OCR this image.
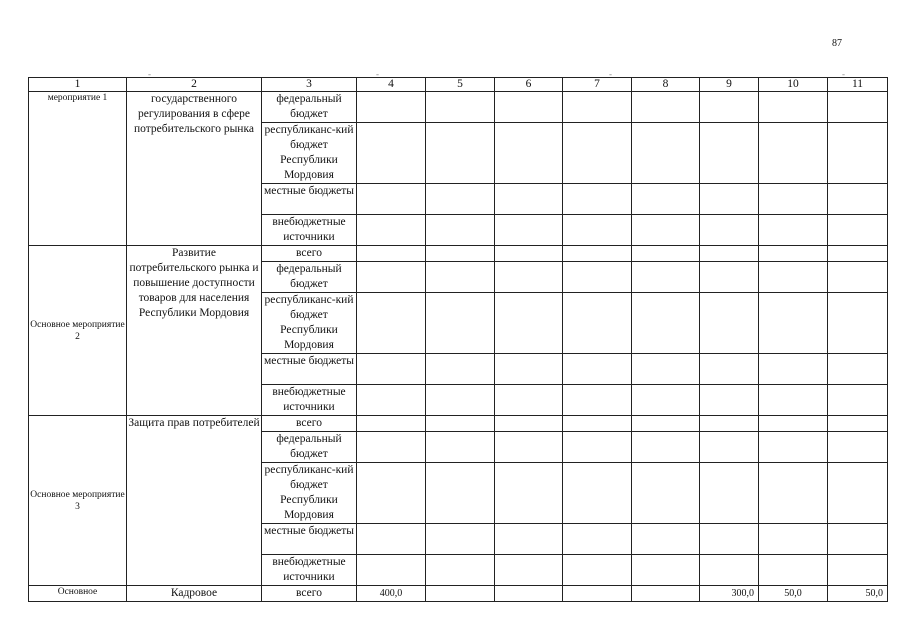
87
-	-	-	-
1	2	3	4	5	6	7	8	9	10	11
мероприятие 1	государственного регулирования в сфере потребительского рынка	федеральный бюджет								
		республиканс-кий бюджет Республики Мордовия								
		местные бюджеты								
		внебюджетные источники								
Основное мероприятие 2	Развитие потребительского рынка и повышение доступности товаров для населения Республики Мордовия	всего								
		федеральный бюджет								
		республиканс-кий бюджет Республики Мордовия								
		местные бюджеты								
		внебюджетные источники								
Основное мероприятие 3	Защита прав потребителей	всего								
		федеральный бюджет								
		республиканс-кий бюджет Республики Мордовия								
		местные бюджеты								
		внебюджетные источники								
Основное	Кадровое	всего	400,0					300,0	50,0	50,0
